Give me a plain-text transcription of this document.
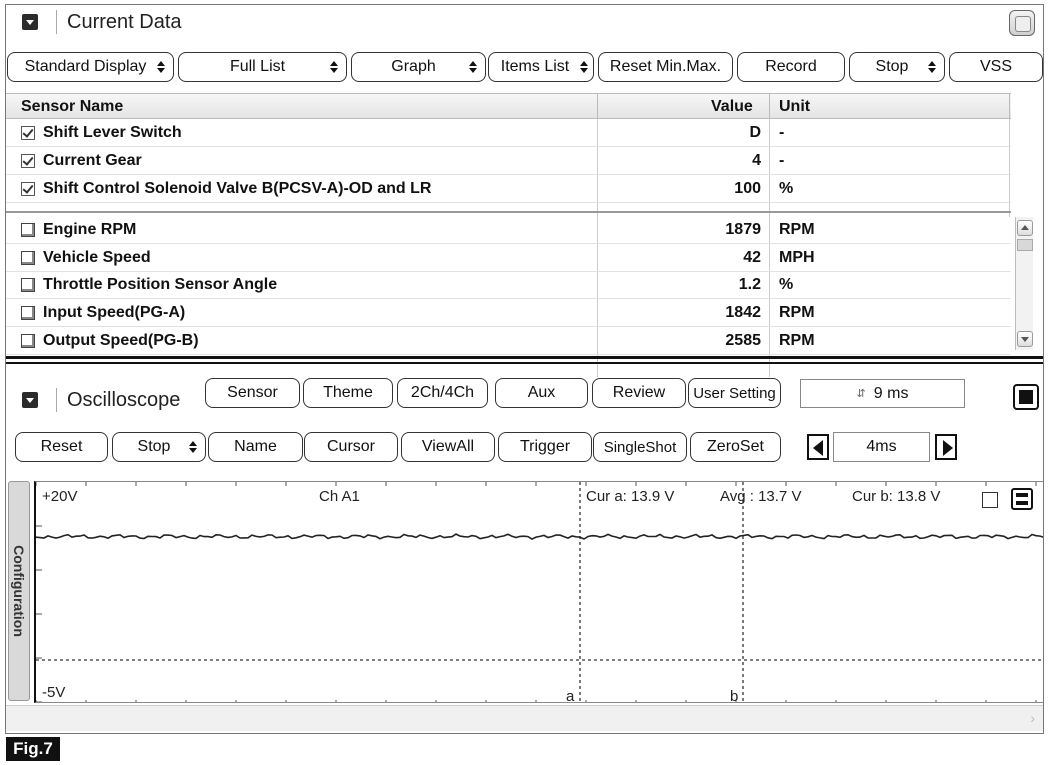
Current Data
Standard Display	Full List	Graph	Items List	Reset Min.Max.	Record	Stop	VSS
Sensor Name	Value Unit
Shift Lever Switch	D -
Current Gear	4 -
Shift Control Solenoid Valve B(PCSV-A)-OD and LR	100 %
Engine RPM	1879 RPM
Vehicle Speed	42 MPH
Throttle Position Sensor Angle	1.2 %
Input Speed(PG-A)	1842 RPM
Output Speed(PG-B)	2585 RPM
Oscilloscope	Sensor	Theme	2Ch/4Ch	Aux	Review	User Setting	⇵ 9 ms
Reset	Stop	Name	Cursor	ViewAll	Trigger	SingleShot	ZeroSet	4ms
Configuration
+20V
-5V
Ch A1	Cur a: 13.9 V	Avg : 13.7 V	Cur b: 13.8 V
a	b
›
Fig.7
